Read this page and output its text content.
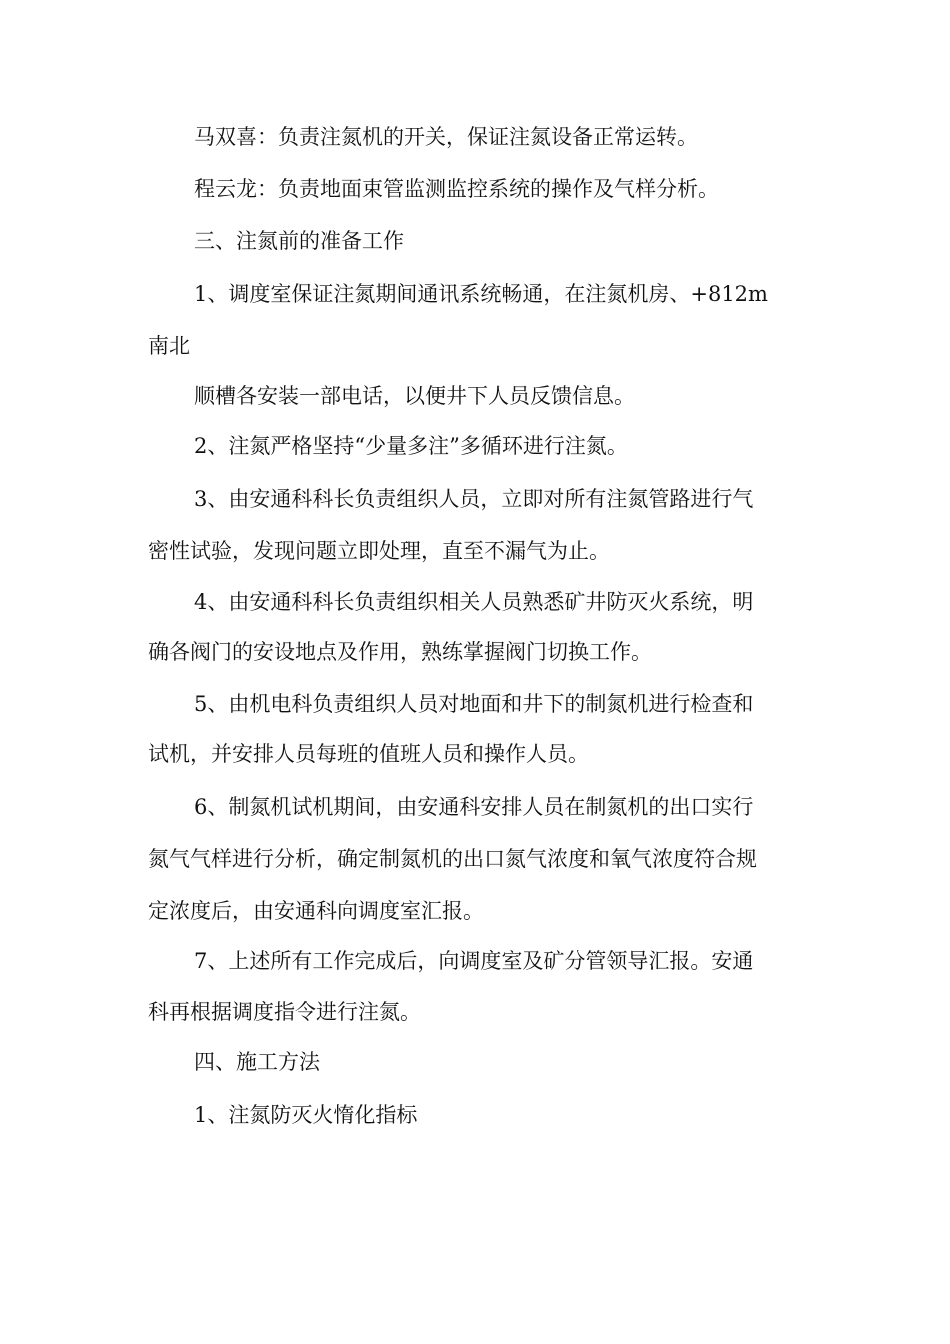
马双喜：负责注氮机的开关，保证注氮设备正常运转。
程云龙：负责地面束管监测监控系统的操作及气样分析。
三、注氮前的准备工作
1、调度室保证注氮期间通讯系统畅通，在注氮机房、+812m
南北
顺槽各安装一部电话，以便井下人员反馈信息。
2、注氮严格坚持“少量多注”多循环进行注氮。
3、由安通科科长负责组织人员，立即对所有注氮管路进行气
密性试验，发现问题立即处理，直至不漏气为止。
4、由安通科科长负责组织相关人员熟悉矿井防灭火系统，明
确各阀门的安设地点及作用，熟练掌握阀门切换工作。
5、由机电科负责组织人员对地面和井下的制氮机进行检查和
试机，并安排人员每班的值班人员和操作人员。
6、制氮机试机期间，由安通科安排人员在制氮机的出口实行
氮气气样进行分析，确定制氮机的出口氮气浓度和氧气浓度符合规
定浓度后，由安通科向调度室汇报。
7、上述所有工作完成后，向调度室及矿分管领导汇报。安通
科再根据调度指令进行注氮。
四、施工方法
1、注氮防灭火惰化指标
